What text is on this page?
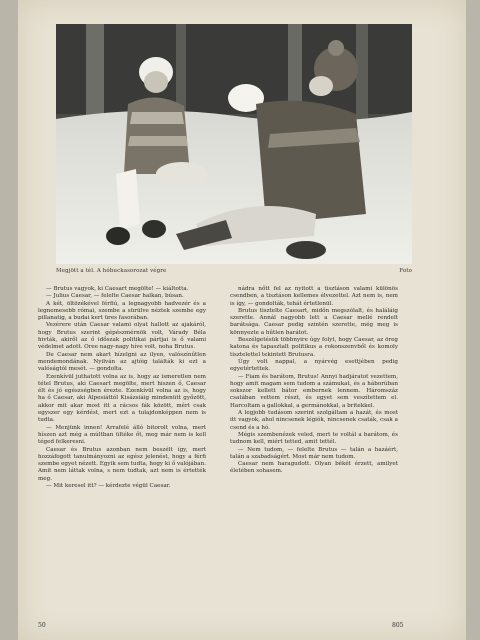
Megjött a tél. A hóbuckasorozat végre	Foto

— Brutus vagyok, ki Caesart megölte! — kiáltotta.

— Julius Caesar, — felelte Caesar halkan, búsan.

A két, öltözékével férfiú, a legnagyobb hadvezér és a legnemesebb római, szembe a sürülve néztek szembe egy pillanatig, a budai kert üres fasorában.

Vezérere után Caesar valami olyat hallott az ajakáról, hogy Brutus szerint gépészmérnök volt, Várady Béla hivták, akiről az ő időszak politikai pártjai is ő valami védelmet adott. Oree nagy-nagy híve volt, noha Brutus.

De Caesar nem akart hízelgni az ilyen, valószínűtlen mendemondának. Nyilván az ajtóig találták ki ezt a valóságtól mesét. — gondolta.

Ezenkívül juthatott volna az is, hogy az ismeretlen nem tétel Brutus, aki Caesart megölte, mert hiszen ő, Caesar élt és jó egészségben érezte. Ezenkívül volna az is, hogy ha ő Caesar, aki Alpesiáttól Kisázsiáig mindenütt győzött, akkor mit akar most itt a rácsos fák között, mért csak egyszer egy kérdést, mert ezt a tulajdonképpen nem is tudta.

— Menjünk innen! Arrafelé álló bitorolt volna, mert híszen azt még a múltban ültéke őt, meg már nem is kell téged felkeresni.

Caesar és Brutus azonban nem beszélt így, mert hozzáfogott tanulmányozni az egész jelenést, hogy a férfi szembe egyet nézett. Egyik sem tudta, hogy ki ő valójában. Amit nem láttak volna, s nem tudtak, azt nem is értették meg.

— Mit keresel itt? — kérdezte végül Caesar.

nádra nőtt fel az nyitott a tisztáson valami különös csendben, a tisztáson kellemes élvezettel. Azt nem is, nem is így, — gondolták, tehát értetlenül.

Brutus tisztelte Caesart, midőn megszólalt, és haláláig szerette. Annál nagyobb lett a Caesar mellé rendelt barátsága. Caesar pedig szintén szerette, még meg is könnyezte a hűtlen barátot.

Beszélgetésük többnyire úgy folyt, hogy Caesar, az öreg katona és tapasztalt politikus a rokonszenvből és komoly tisztelettel tekintett Brutusra.

Úgy volt nappal, a nyárvég esettjében pedig egyetértettek.

— Fiam és barátom, Brutus! Annyi hadjáratot vezettem, hogy amit magam sem tudom a számukat, és a háborúban sokszor kellett bátor embernek lennem. Háromszáz csatában vettem részt, és egyet sem veszítettem el. Harcoltam a gallokkal, a germánokkal, a britekkel.

A legjobb tudásom szerint szolgáltam a hazát, és most itt vagyok, ahol nincsenek légiók, nincsenek csaták, csak a csend és a hó.

Mégis szembenézek veled, mert te voltál a barátom, és tudnom kell, miért tetted, amit tettél.

— Nem tudom, — felelte Brutus — talán a hazáért, talán a szabadságért. Most már nem tudom.

Caesar nem haragudott. Olyan békét érzett, amilyet életében sohasem.

50	805
